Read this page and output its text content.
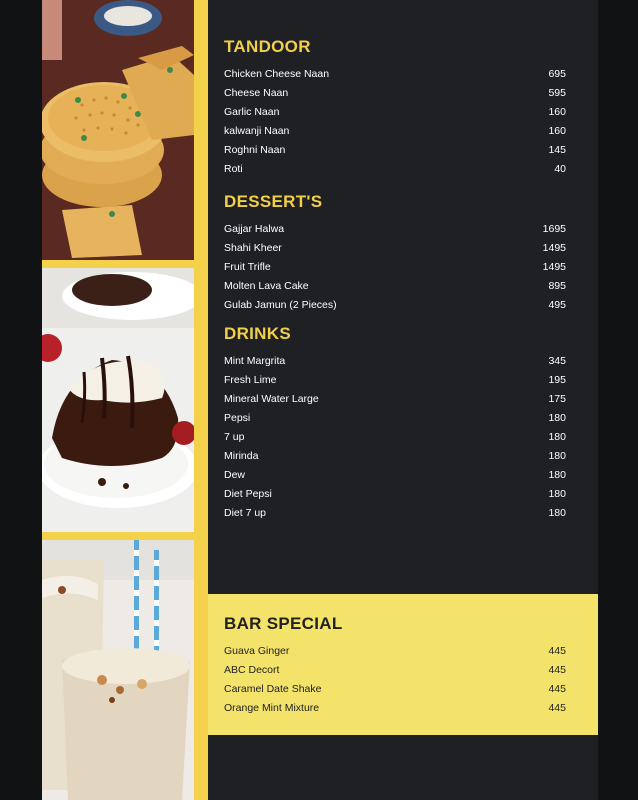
TANDOOR
Chicken Cheese Naan	695
Cheese Naan	595
Garlic Naan	160
kalwanji Naan	160
Roghni Naan	145
Roti	40
DESSERT'S
Gajjar Halwa	1695
Shahi Kheer	1495
Fruit Trifle	1495
Molten Lava Cake	895
Gulab Jamun (2 Pieces)	495
DRINKS
Mint Margrita	345
Fresh Lime	195
Mineral Water Large	175
Pepsi	180
7 up	180
Mirinda	180
Dew	180
Diet Pepsi	180
Diet 7 up	180
BAR SPECIAL
Guava Ginger	445
ABC Decort	445
Caramel Date Shake	445
Orange Mint Mixture	445
